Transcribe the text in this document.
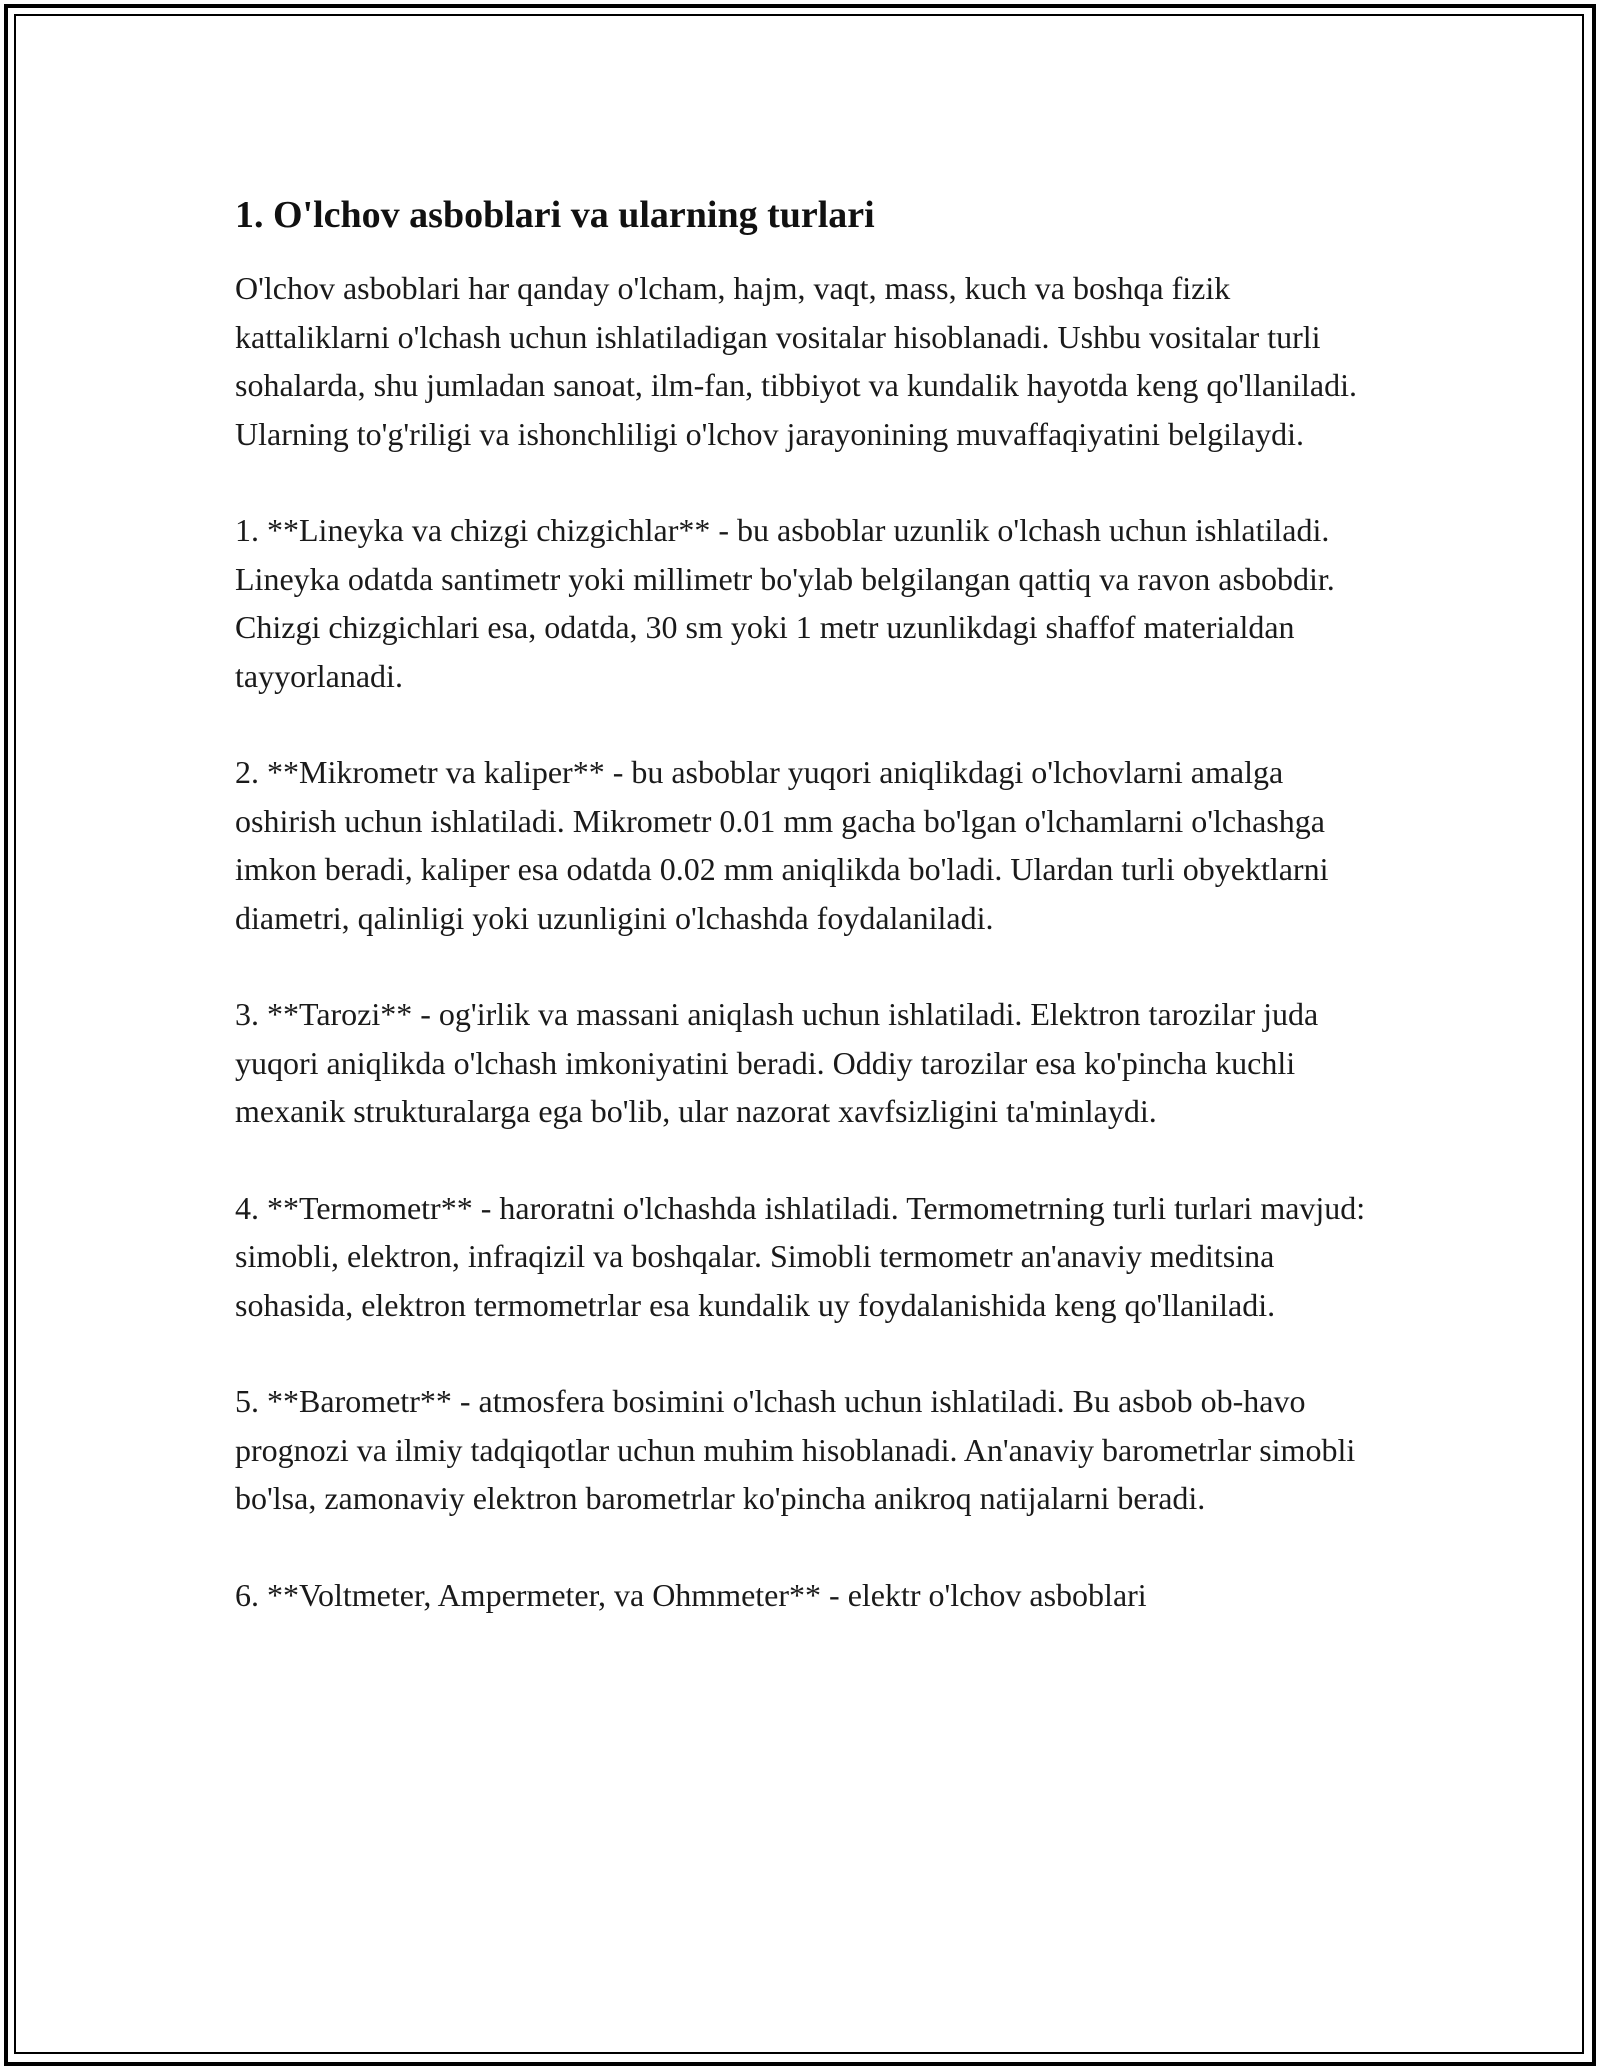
1. O'lchov asboblari va ularning turlari

O'lchov asboblari har qanday o'lcham, hajm, vaqt, mass, kuch va boshqa fizik kattaliklarni o'lchash uchun ishlatiladigan vositalar hisoblanadi. Ushbu vositalar turli sohalarda, shu jumladan sanoat, ilm-fan, tibbiyot va kundalik hayotda keng qo'llaniladi. Ularning to'g'riligi va ishonchliligi o'lchov jarayonining muvaffaqiyatini belgilaydi.

1. **Lineyka va chizgi chizgichlar** - bu asboblar uzunlik o'lchash uchun ishlatiladi. Lineyka odatda santimetr yoki millimetr bo'ylab belgilangan qattiq va ravon asbobdir. Chizgi chizgichlari esa, odatda, 30 sm yoki 1 metr uzunlikdagi shaffof materialdan tayyorlanadi.

2. **Mikrometr va kaliper** - bu asboblar yuqori aniqlikdagi o'lchovlarni amalga oshirish uchun ishlatiladi. Mikrometr 0.01 mm gacha bo'lgan o'lchamlarni o'lchashga imkon beradi, kaliper esa odatda 0.02 mm aniqlikda bo'ladi. Ulardan turli obyektlarni diametri, qalinligi yoki uzunligini o'lchashda foydalaniladi.

3. **Tarozi** - og'irlik va massani aniqlash uchun ishlatiladi. Elektron tarozilar juda yuqori aniqlikda o'lchash imkoniyatini beradi. Oddiy tarozilar esa ko'pincha kuchli mexanik strukturalarga ega bo'lib, ular nazorat xavfsizligini ta'minlaydi.

4. **Termometr** - haroratni o'lchashda ishlatiladi. Termometrning turli turlari mavjud: simobli, elektron, infraqizil va boshqalar. Simobli termometr an'anaviy meditsina sohasida, elektron termometrlar esa kundalik uy foydalanishida keng qo'llaniladi.

5. **Barometr** - atmosfera bosimini o'lchash uchun ishlatiladi. Bu asbob ob-havo prognozi va ilmiy tadqiqotlar uchun muhim hisoblanadi. An'anaviy barometrlar simobli bo'lsa, zamonaviy elektron barometrlar ko'pincha anikroq natijalarni beradi.

6. **Voltmeter, Ampermeter, va Ohmmeter** - elektr o'lchov asboblari
